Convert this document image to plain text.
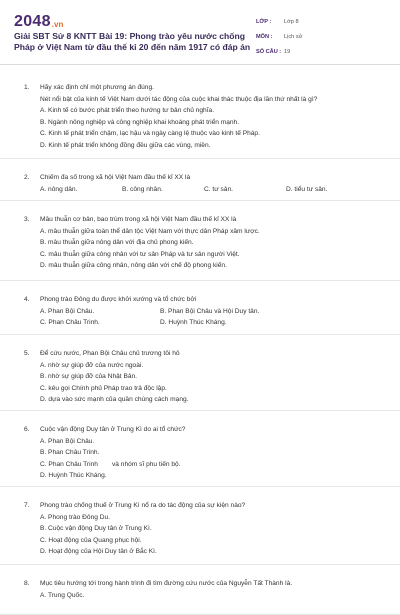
2048 .vn
Giải SBT Sử 8 KNTT Bài 19: Phong trào yêu nước chống Pháp ở Việt Nam từ đầu thế kỉ 20 đến năm 1917 có đáp án
LỚP :	Lớp 8
MÔN :	Lịch sử
SỐ CÂU : 19
1. Hãy xác định chỉ một phương án đúng.
Nét nổi bật của kinh tế Việt Nam dưới tác động của cuộc khai thác thuộc địa lần thứ nhất là gì?
A. Kinh tế có bước phát triển theo hướng tư bản chủ nghĩa.
B. Ngành nông nghiệp và công nghiệp khai khoáng phát triển mạnh.
C. Kinh tế phát triển chậm, lạc hậu và ngày càng lệ thuộc vào kinh tế Pháp.
D. Kinh tế phát triển không đồng đều giữa các vùng, miền.
2. Chiếm đa số trong xã hội Việt Nam đầu thế kỉ XX là
A. nông dân.	B. công nhân.	C. tư sản.	D. tiểu tư sản.
3. Mâu thuẫn cơ bản, bao trùm trong xã hội Việt Nam đầu thế kỉ XX là
A. mâu thuẫn giữa toàn thể dân tộc Việt Nam với thực dân Pháp xâm lược.
B. mâu thuẫn giữa nông dân với địa chủ phong kiến.
C. mâu thuẫn giữa công nhân với tư sản Pháp và tư sản người Việt.
D. mâu thuẫn giữa công nhân, nông dân với chế độ phong kiến.
4. Phong trào Đông du được khởi xướng và tổ chức bởi
A. Phan Bội Châu.	B. Phan Bội Châu và Hội Duy tân.
C. Phan Châu Trinh.	D. Huỳnh Thúc Kháng.
5. Để cứu nước, Phan Bội Châu chủ trương tôi hô
A. nhờ sự giúp đỡ của nước ngoài.
B. nhờ sự giúp đỡ của Nhật Bản.
C. kêu gọi Chính phủ Pháp trao trả độc lập.
D. dựa vào sức mạnh của quần chúng cách mạng.
6. Cuộc vận động Duy tân ở Trung Kì do ai tổ chức?
A. Phan Bội Châu.
B. Phan Châu Trinh.
C. Phan Châu Trinh và nhóm sĩ phu tiến bộ.
D. Huỳnh Thúc Kháng.
7. Phong trào chống thuế ở Trung Kì nổ ra do tác động của sự kiện nào?
A. Phong trào Đông Du.
B. Cuộc vận động Duy tân ở Trung Kì.
C. Hoạt động của Quang phục hội.
D. Hoạt động của Hội Duy tân ở Bắc Kì.
8. Mục tiêu hướng tới trong hành trình đi tìm đường cứu nước của Nguyễn Tất Thành là.
A. Trung Quốc.
